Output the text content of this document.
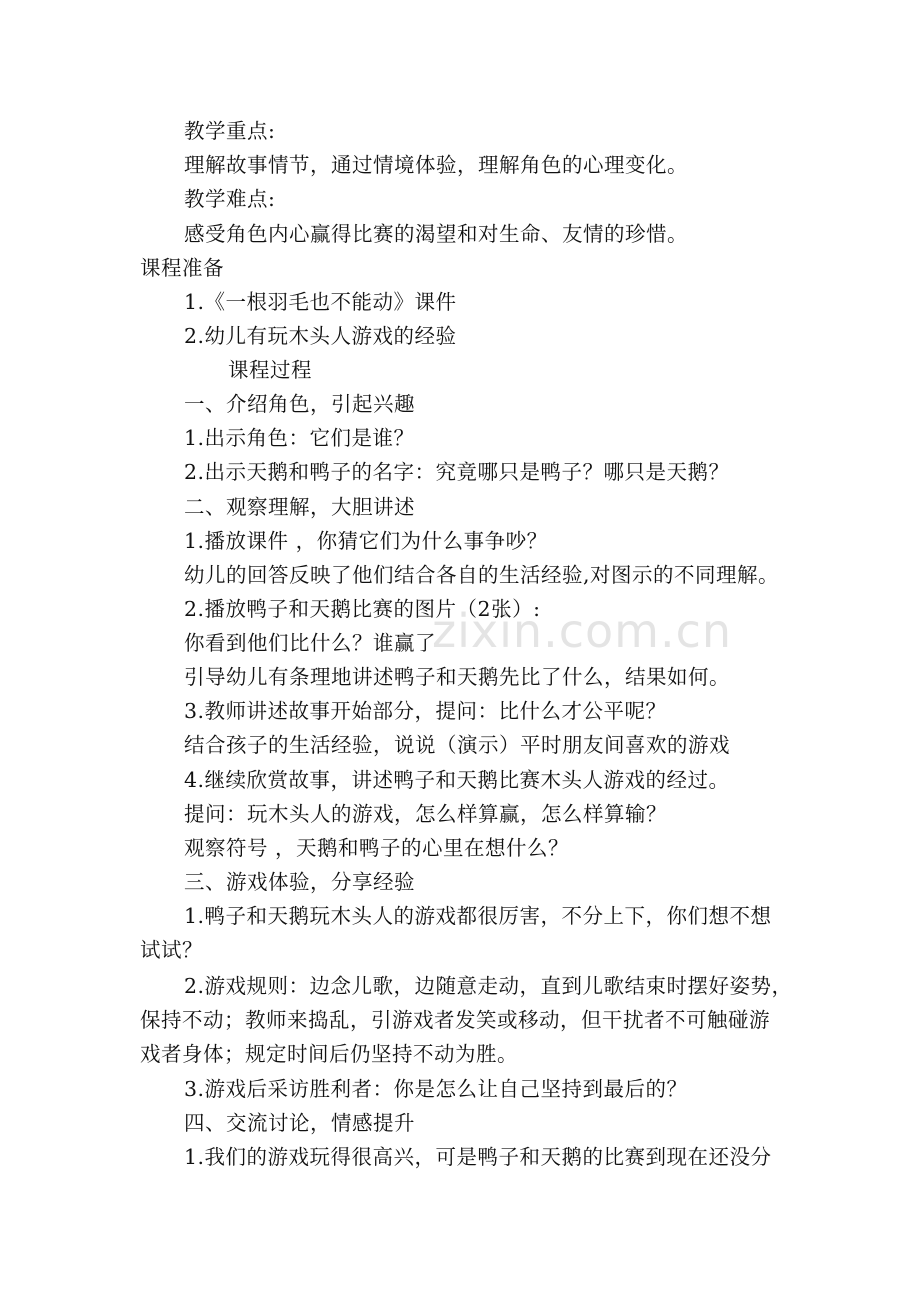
zixin.com.cn
教学重点:
理解故事情节，通过情境体验，理解角色的心理变化。
教学难点:
感受角色内心赢得比赛的渴望和对生命、友情的珍惜。
课程准备
1.《一根羽毛也不能动》课件
2.幼儿有玩木头人游戏的经验
课程过程
一、介绍角色，引起兴趣
1.出示角色：它们是谁？
2.出示天鹅和鸭子的名字：究竟哪只是鸭子？哪只是天鹅？
二、观察理解，大胆讲述
1.播放课件 ，你猜它们为什么事争吵？
幼儿的回答反映了他们结合各自的生活经验,对图示的不同理解。
2.播放鸭子和天鹅比赛的图片（2张）:
你看到他们比什么？谁赢了
引导幼儿有条理地讲述鸭子和天鹅先比了什么，结果如何。
3.教师讲述故事开始部分，提问：比什么才公平呢？
结合孩子的生活经验，说说（演示）平时朋友间喜欢的游戏
4.继续欣赏故事，讲述鸭子和天鹅比赛木头人游戏的经过。
提问：玩木头人的游戏，怎么样算赢，怎么样算输？
观察符号 ，天鹅和鸭子的心里在想什么？
三、游戏体验，分享经验
1.鸭子和天鹅玩木头人的游戏都很厉害，不分上下，你们想不想
试试？
2.游戏规则：边念儿歌，边随意走动，直到儿歌结束时摆好姿势，
保持不动；教师来捣乱，引游戏者发笑或移动，但干扰者不可触碰游
戏者身体；规定时间后仍坚持不动为胜。
3.游戏后采访胜利者：你是怎么让自己坚持到最后的？
四、交流讨论，情感提升
1.我们的游戏玩得很高兴，可是鸭子和天鹅的比赛到现在还没分
